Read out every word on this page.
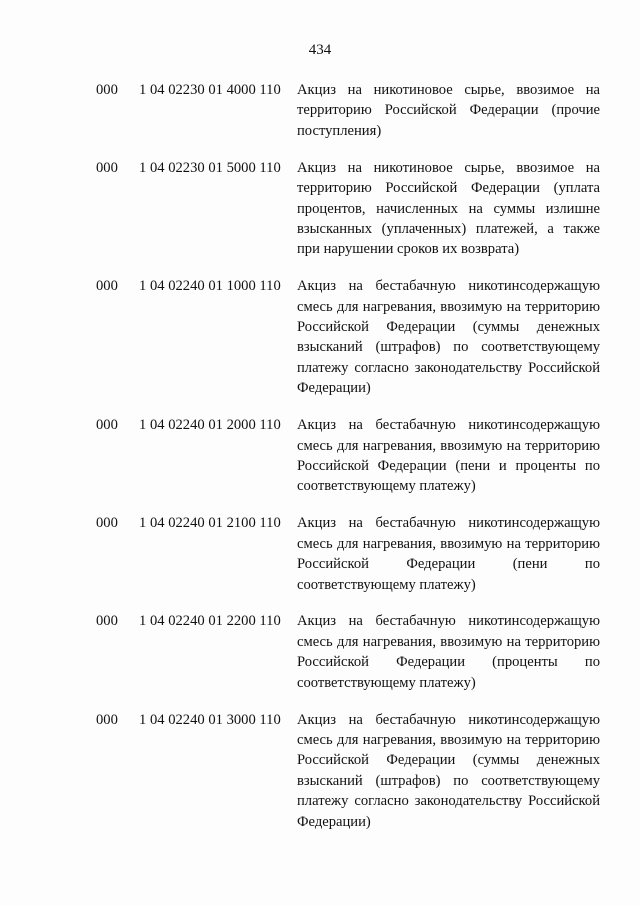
434
000	1 04 02230 01 4000 110	Акциз на никотиновое сырье, ввозимое на территорию Российской Федерации (прочие поступления)
000	1 04 02230 01 5000 110	Акциз на никотиновое сырье, ввозимое на территорию Российской Федерации (уплата процентов, начисленных на суммы излишне взысканных (уплаченных) платежей, а также при нарушении сроков их возврата)
000	1 04 02240 01 1000 110	Акциз на бестабачную никотинсодержащую смесь для нагревания, ввозимую на территорию Российской Федерации (суммы денежных взысканий (штрафов) по соответствующему платежу согласно законодательству Российской Федерации)
000	1 04 02240 01 2000 110	Акциз на бестабачную никотинсодержащую смесь для нагревания, ввозимую на территорию Российской Федерации (пени и проценты по соответствующему платежу)
000	1 04 02240 01 2100 110	Акциз на бестабачную никотинсодержащую смесь для нагревания, ввозимую на территорию Российской Федерации (пени по соответствующему платежу)
000	1 04 02240 01 2200 110	Акциз на бестабачную никотинсодержащую смесь для нагревания, ввозимую на территорию Российской Федерации (проценты по соответствующему платежу)
000	1 04 02240 01 3000 110	Акциз на бестабачную никотинсодержащую смесь для нагревания, ввозимую на территорию Российской Федерации (суммы денежных взысканий (штрафов) по соответствующему платежу согласно законодательству Российской Федерации)
